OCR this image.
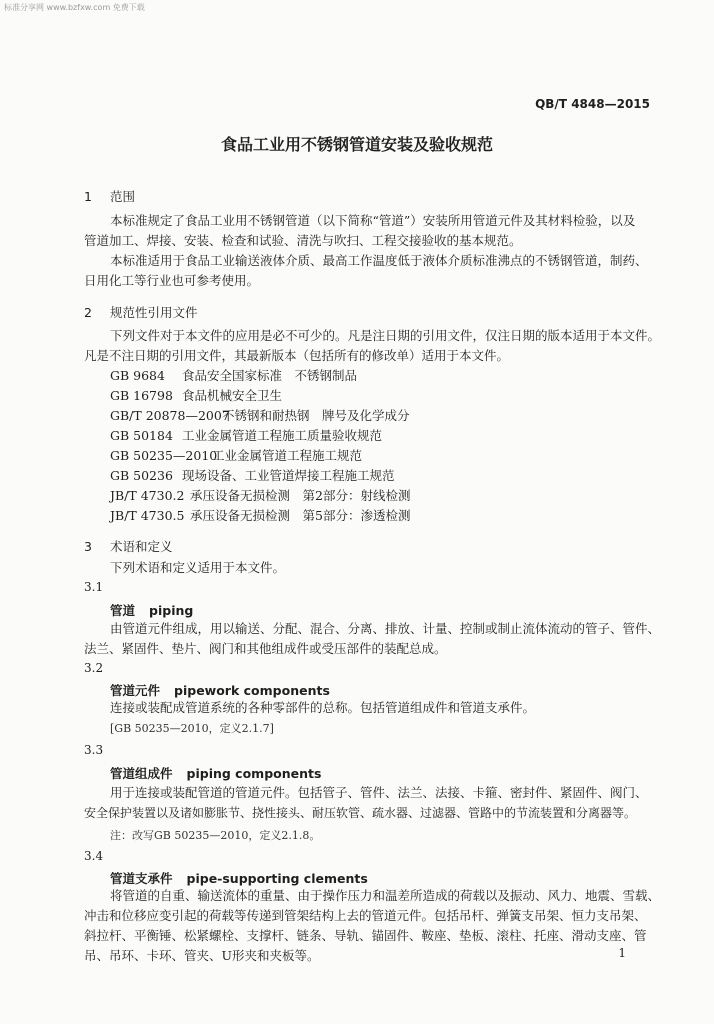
标准分享网 www.bzfxw.com 免费下载
QB/T 4848—2015
食品工业用不锈钢管道安装及验收规范
1 范围
本标准规定了食品工业用不锈钢管道（以下简称“管道”）安装所用管道元件及其材料检验，以及
管道加工、焊接、安装、检查和试验、清洗与吹扫、工程交接验收的基本规范。
本标准适用于食品工业输送液体介质、最高工作温度低于液体介质标准沸点的不锈钢管道，制药、
日用化工等行业也可参考使用。
2 规范性引用文件
下列文件对于本文件的应用是必不可少的。凡是注日期的引用文件，仅注日期的版本适用于本文件。
凡是不注日期的引用文件，其最新版本（包括所有的修改单）适用于本文件。
GB 9684 食品安全国家标准　不锈钢制品
GB 16798 食品机械安全卫生
GB/T 20878—2007不锈钢和耐热钢　牌号及化学成分
GB 50184 工业金属管道工程施工质量验收规范
GB 50235—2010工业金属管道工程施工规范
GB 50236 现场设备、工业管道焊接工程施工规范
JB/T 4730.2 承压设备无损检测　第2部分：射线检测
JB/T 4730.5 承压设备无损检测　第5部分：渗透检测
3 术语和定义
下列术语和定义适用于本文件。
3.1
管道 piping
由管道元件组成，用以输送、分配、混合、分离、排放、计量、控制或制止流体流动的管子、管件、
法兰、紧固件、垫片、阀门和其他组成件或受压部件的装配总成。
3.2
管道元件 pipework components
连接或装配成管道系统的各种零部件的总称。包括管道组成件和管道支承件。
[GB 50235—2010，定义2.1.7]
3.3
管道组成件 piping components
用于连接或装配管道的管道元件。包括管子、管件、法兰、法接、卡箍、密封件、紧固件、阀门、
安全保护装置以及诸如膨胀节、挠性接头、耐压软管、疏水器、过滤器、管路中的节流装置和分离器等。
注：改写GB 50235—2010，定义2.1.8。
3.4
管道支承件 pipe-supporting clements
将管道的自重、输送流体的重量、由于操作压力和温差所造成的荷载以及振动、风力、地震、雪载、
冲击和位移应变引起的荷载等传递到管架结构上去的管道元件。包括吊杆、弹簧支吊架、恒力支吊架、
斜拉杆、平衡锤、松紧螺栓、支撑杆、链条、导轨、锚固件、鞍座、垫板、滚柱、托座、滑动支座、管
吊、吊环、卡环、管夹、U形夹和夹板等。	1
